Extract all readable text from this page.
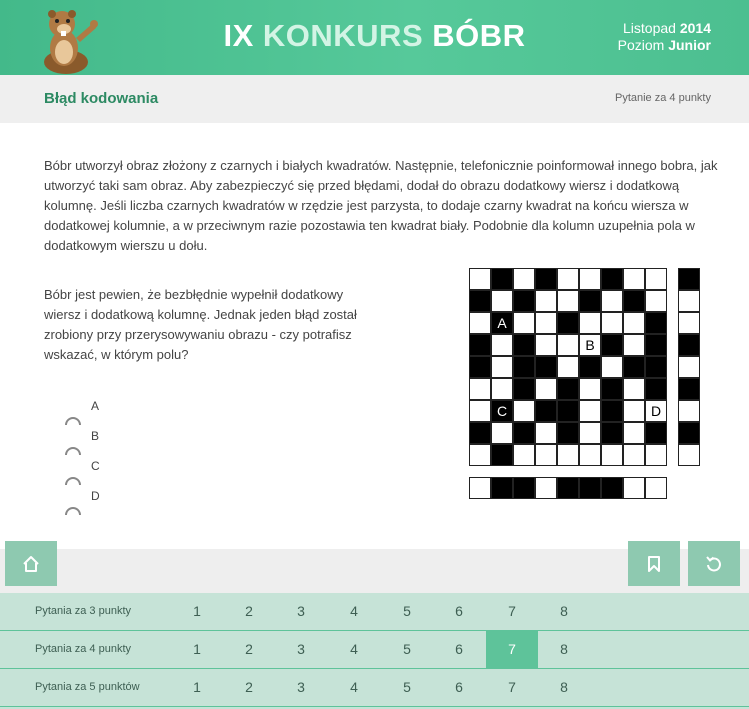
IX KONKURS BÓBR	Listopad 2014
Poziom Junior
Błąd kodowania	Pytanie za 4 punkty
Bóbr utworzył obraz złożony z czarnych i białych kwadratów. Następnie, telefonicznie poinformował innego bobra, jak utworzyć taki sam obraz. Aby zabezpieczyć się przed błędami, dodał do obrazu dodatkowy wiersz i dodatkową kolumnę. Jeśli liczba czarnych kwadratów w rzędzie jest parzysta, to dodaje czarny kwadrat na końcu wiersza w dodatkowej kolumnie, a w przeciwnym razie pozostawia ten kwadrat biały. Podobnie dla kolumn uzupełnia pola w dodatkowym wierszu u dołu.
Bóbr jest pewien, że bezbłędnie wypełnił dodatkowy wiersz i dodatkową kolumnę. Jednak jeden błąd został zrobiony przy przerysowywaniu obrazu - czy potrafisz wskazać, w którym polu?
A
B
C
D
A
B
C	D
Pytania za 3 punkty	1	2	3	4	5	6	7	8
Pytania za 4 punkty	1	2	3	4	5	6	7	8
Pytania za 5 punktów	1	2	3	4	5	6	7	8
